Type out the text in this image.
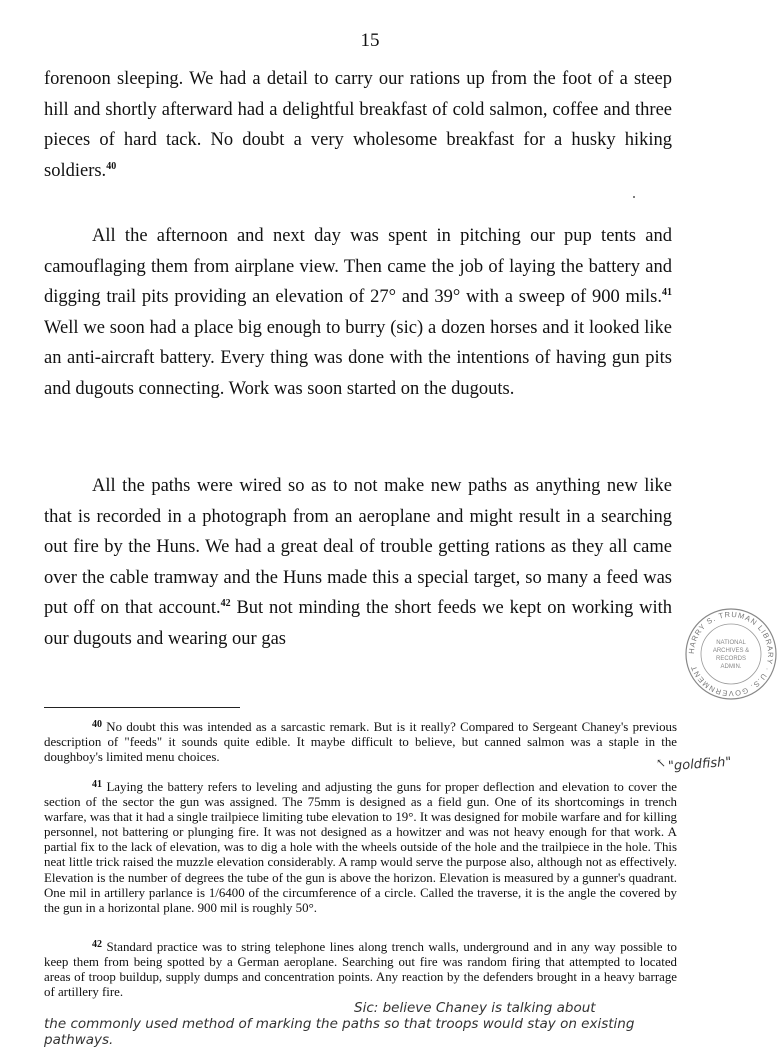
15

forenoon sleeping. We had a detail to carry our rations up from the foot of a steep hill and shortly afterward had a delightful breakfast of cold salmon, coffee and three pieces of hard tack. No doubt a very wholesome breakfast for a husky hiking soldiers.$^{40}$

All the afternoon and next day was spent in pitching our pup tents and camouflaging them from airplane view. Then came the job of laying the battery and digging trail pits providing an elevation of 27° and 39° with a sweep of 900 mils.$^{41}$ Well we soon had a place big enough to burry (sic) a dozen horses and it looked like an anti-aircraft battery. Every thing was done with the intentions of having gun pits and dugouts connecting. Work was soon started on the dugouts.

All the paths were wired so as to not make new paths as anything new like that is recorded in a photograph from an aeroplane and might result in a searching out fire by the Huns. We had a great deal of trouble getting rations as they all came over the cable tramway and the Huns made this a special target, so many a feed was put off on that account.$^{42}$ But not minding the short feeds we kept on working with our dugouts and wearing our gas

HARRY S. TRUMAN LIBRARY · U.S. GOVERNMENT
NATIONAL
ARCHIVES &
RECORDS
ADMIN.

$^{40}$ No doubt this was intended as a sarcastic remark. But is it really? Compared to Sergeant Chaney's previous description of "feeds" it sounds quite edible. It maybe difficult to believe, but canned salmon was a staple in the doughboy's limited menu choices.	↖ "goldfish"

$^{41}$ Laying the battery refers to leveling and adjusting the guns for proper deflection and elevation to cover the section of the sector the gun was assigned. The 75mm is designed as a field gun. One of its shortcomings in trench warfare, was that it had a single trailpiece limiting tube elevation to 19°. It was designed for mobile warfare and for killing personnel, not battering or plunging fire. It was not designed as a howitzer and was not heavy enough for that work. A partial fix to the lack of elevation, was to dig a hole with the wheels outside of the hole and the trailpiece in the hole. This neat little trick raised the muzzle elevation considerably. A ramp would serve the purpose also, although not as effectively. Elevation is the number of degrees the tube of the gun is above the horizon. Elevation is measured by a gunner's quadrant. One mil in artillery parlance is 1/6400 of the circumference of a circle. Called the traverse, it is the angle the covered by the gun in a horizontal plane. 900 mil is roughly 50°.

$^{42}$ Standard practice was to string telephone lines along trench walls, underground and in any way possible to keep them from being spotted by a German aeroplane. Searching out fire was random firing that attempted to located areas of troop buildup, supply dumps and concentration points. Any reaction by the defenders brought in a heavy barrage of artillery fire.

Sic: believe Chaney is talking about
the commonly used method of marking the paths so that troops would stay on existing pathways.
